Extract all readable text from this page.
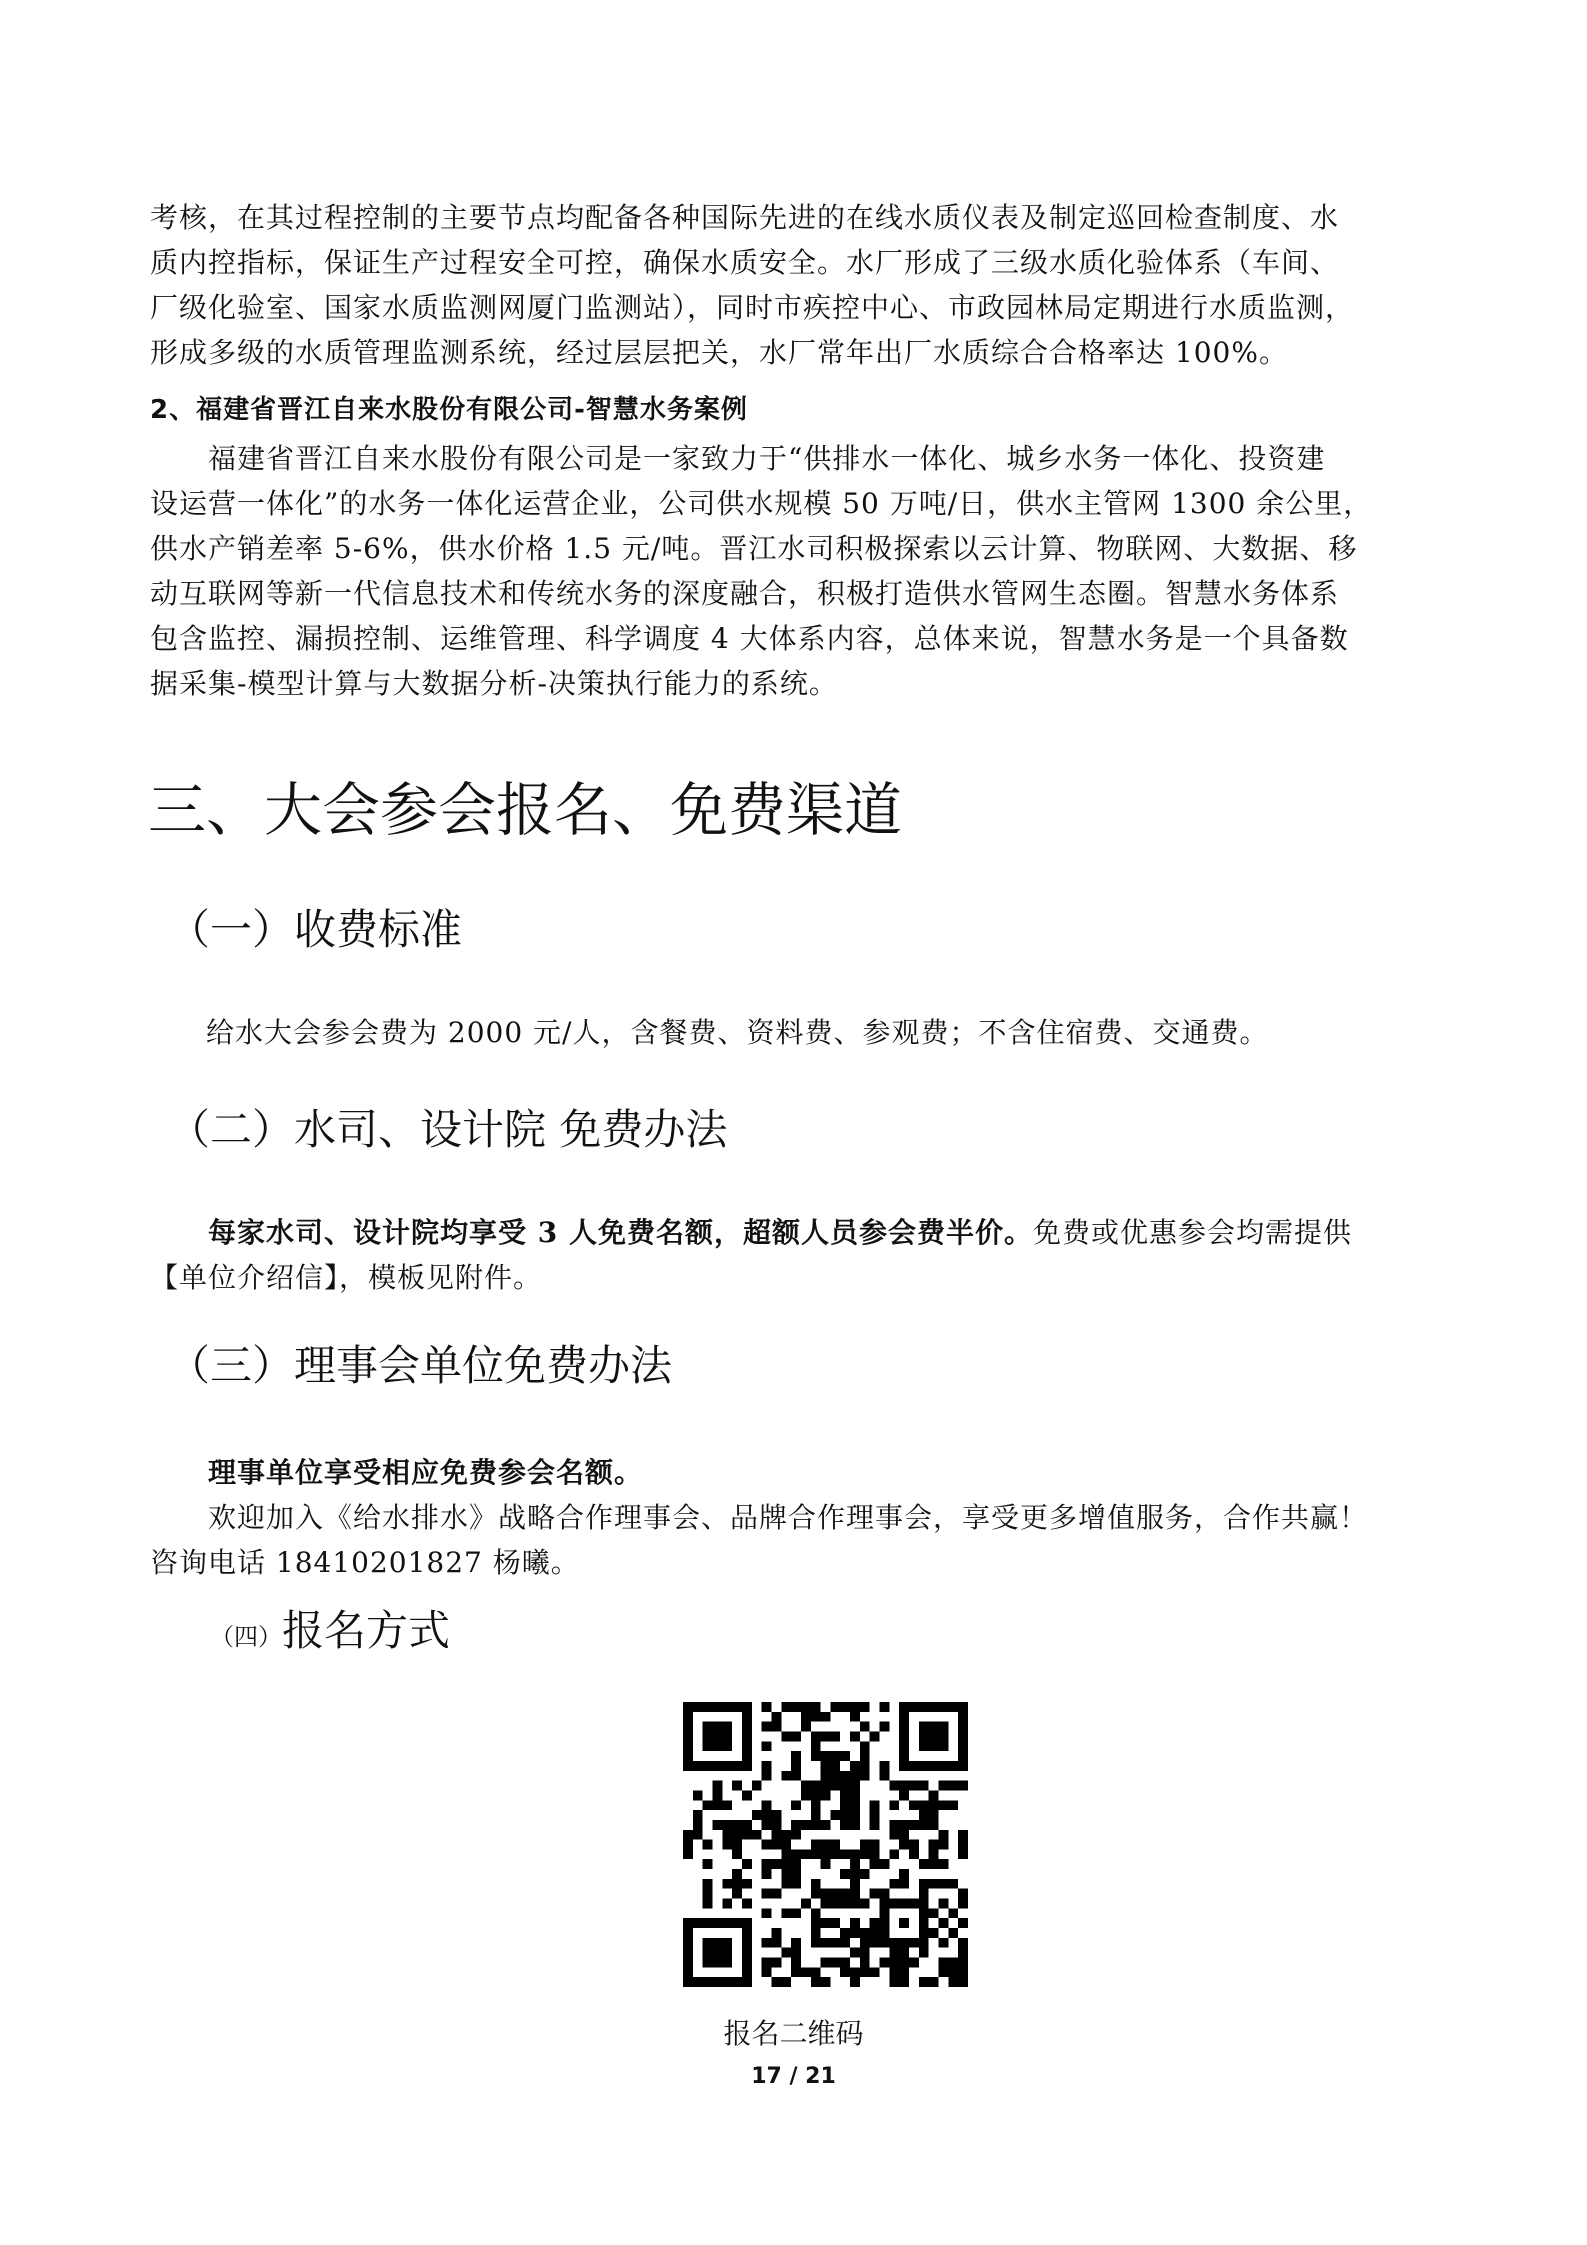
考核，在其过程控制的主要节点均配备各种国际先进的在线水质仪表及制定巡回检查制度、水

质内控指标，保证生产过程安全可控，确保水质安全。水厂形成了三级水质化验体系（车间、

厂级化验室、国家水质监测网厦门监测站），同时市疾控中心、市政园林局定期进行水质监测，

形成多级的水质管理监测系统，经过层层把关，水厂常年出厂水质综合合格率达 100%。

2、福建省晋江自来水股份有限公司-智慧水务案例

福建省晋江自来水股份有限公司是一家致力于“供排水一体化、城乡水务一体化、投资建

设运营一体化”的水务一体化运营企业，公司供水规模 50 万吨/日，供水主管网 1300 余公里，

供水产销差率 5-6%，供水价格 1.5 元/吨。晋江水司积极探索以云计算、物联网、大数据、移

动互联网等新一代信息技术和传统水务的深度融合，积极打造供水管网生态圈。智慧水务体系

包含监控、漏损控制、运维管理、科学调度 4 大体系内容，总体来说，智慧水务是一个具备数

据采集-模型计算与大数据分析-决策执行能力的系统。

三、大会参会报名、免费渠道
（一）收费标准
给水大会参会费为 2000 元/人，含餐费、资料费、参观费；不含住宿费、交通费。
（二）水司、设计院 免费办法

每家水司、设计院均享受 3 人免费名额，超额人员参会费半价。免费或优惠参会均需提供

【单位介绍信】，模板见附件。

（三）理事会单位免费办法

理事单位享受相应免费参会名额。

欢迎加入《给水排水》战略合作理事会、品牌合作理事会，享受更多增值服务，合作共赢！

咨询电话 18410201827 杨曦。

（四）报名方式
报名二维码
17 / 21
